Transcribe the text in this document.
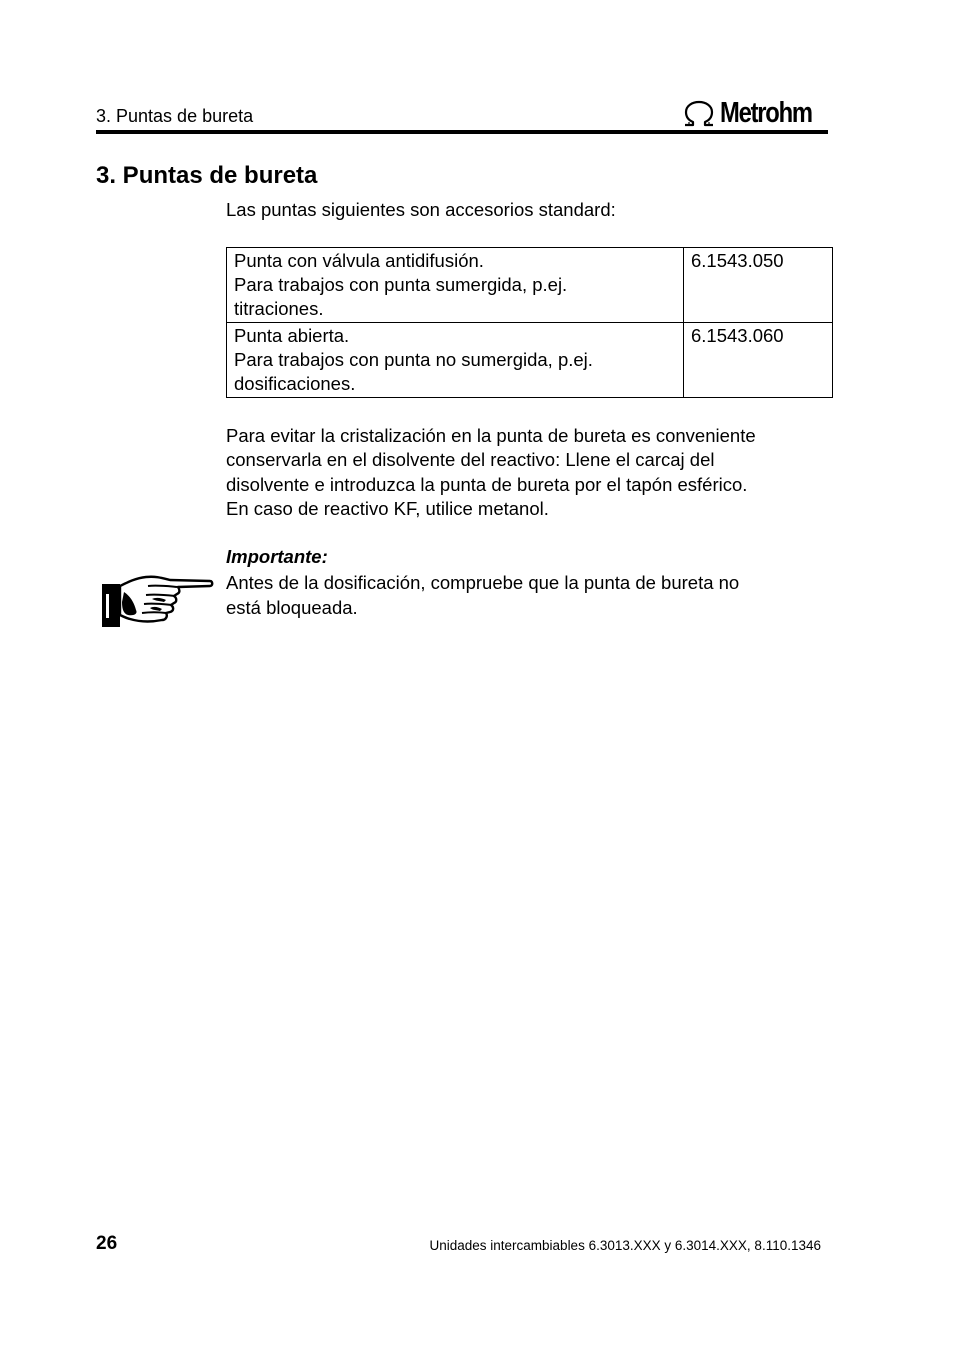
3. Puntas de bureta	Metrohm
3. Puntas de bureta

Las puntas siguientes son accesorios standard:

Punta con válvula antidifusión.
Para trabajos con punta sumergida, p.ej.
titraciones.	6.1543.050

Punta abierta.
Para trabajos con punta no sumergida, p.ej.
dosificaciones.	6.1543.060

Para evitar la cristalización en la punta de bureta es conveniente
conservarla en el disolvente del reactivo: Llene el carcaj del
disolvente e introduzca la punta de bureta por el tapón esférico.
En caso de reactivo KF, utilice metanol.

Importante:

Antes de la dosificación, compruebe que la punta de bureta no
está bloqueada.

26	Unidades intercambiables 6.3013.XXX y 6.3014.XXX, 8.110.1346
